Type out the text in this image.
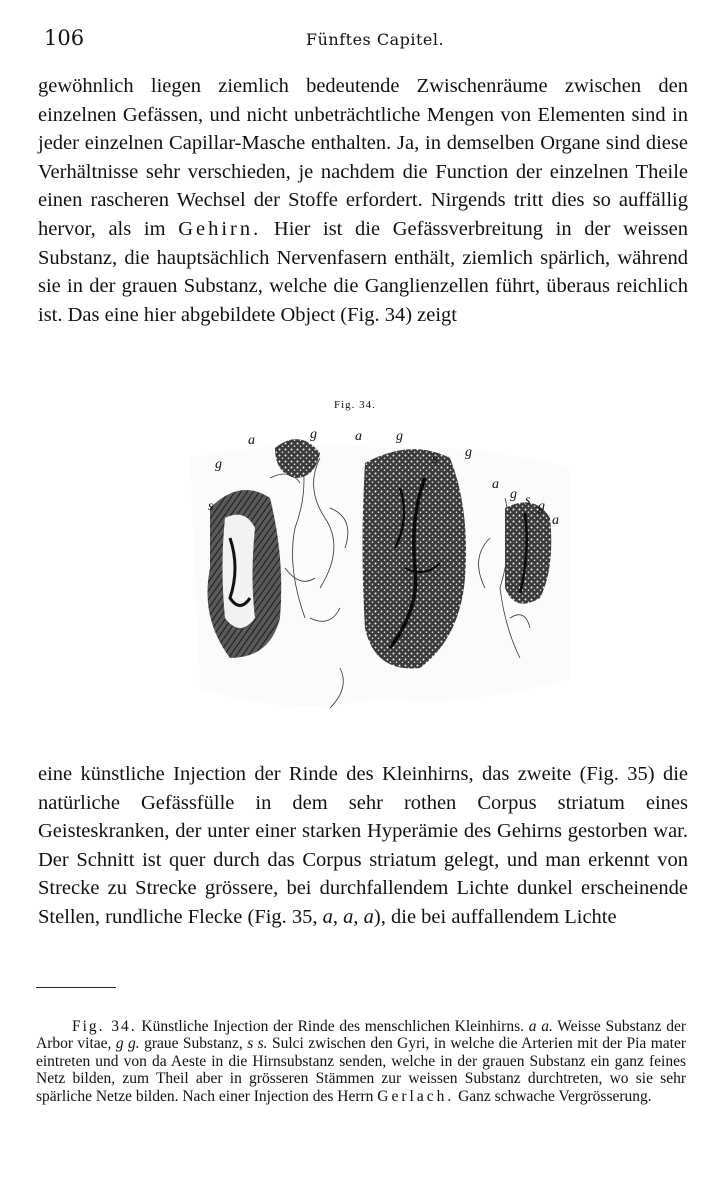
106	Fünftes Capitel.

gewöhnlich liegen ziemlich bedeutende Zwischenräume zwischen den einzelnen Gefässen, und nicht unbeträchtliche Mengen von Elementen sind in jeder einzelnen Capillar-Masche enthalten. Ja, in demselben Organe sind diese Verhältnisse sehr verschieden, je nachdem die Function der einzelnen Theile einen rascheren Wechsel der Stoffe erfordert. Nirgends tritt dies so auffällig hervor, als im Gehirn. Hier ist die Gefässverbreitung in der weissen Substanz, die hauptsächlich Nervenfasern enthält, ziemlich spärlich, während sie in der grauen Substanz, welche die Ganglienzellen führt, überaus reichlich ist. Das eine hier abgebildete Object (Fig. 34) zeigt

Fig. 34.
a	g	a g
g
s
s g
a
g s g
a

eine künstliche Injection der Rinde des Kleinhirns, das zweite (Fig. 35) die natürliche Gefässfülle in dem sehr rothen Corpus striatum eines Geisteskranken, der unter einer starken Hyperämie des Gehirns gestorben war. Der Schnitt ist quer durch das Corpus striatum gelegt, und man erkennt von Strecke zu Strecke grössere, bei durchfallendem Lichte dunkel erscheinende Stellen, rundliche Flecke (Fig. 35, a, a, a), die bei auffallendem Lichte

Fig. 34. Künstliche Injection der Rinde des menschlichen Kleinhirns. a a. Weisse Substanz der Arbor vitae, g g. graue Substanz, s s. Sulci zwischen den Gyri, in welche die Arterien mit der Pia mater eintreten und von da Aeste in die Hirnsubstanz senden, welche in der grauen Substanz ein ganz feines Netz bilden, zum Theil aber in grösseren Stämmen zur weissen Substanz durchtreten, wo sie sehr spärliche Netze bilden. Nach einer Injection des Herrn Gerlach. Ganz schwache Vergrösserung.
